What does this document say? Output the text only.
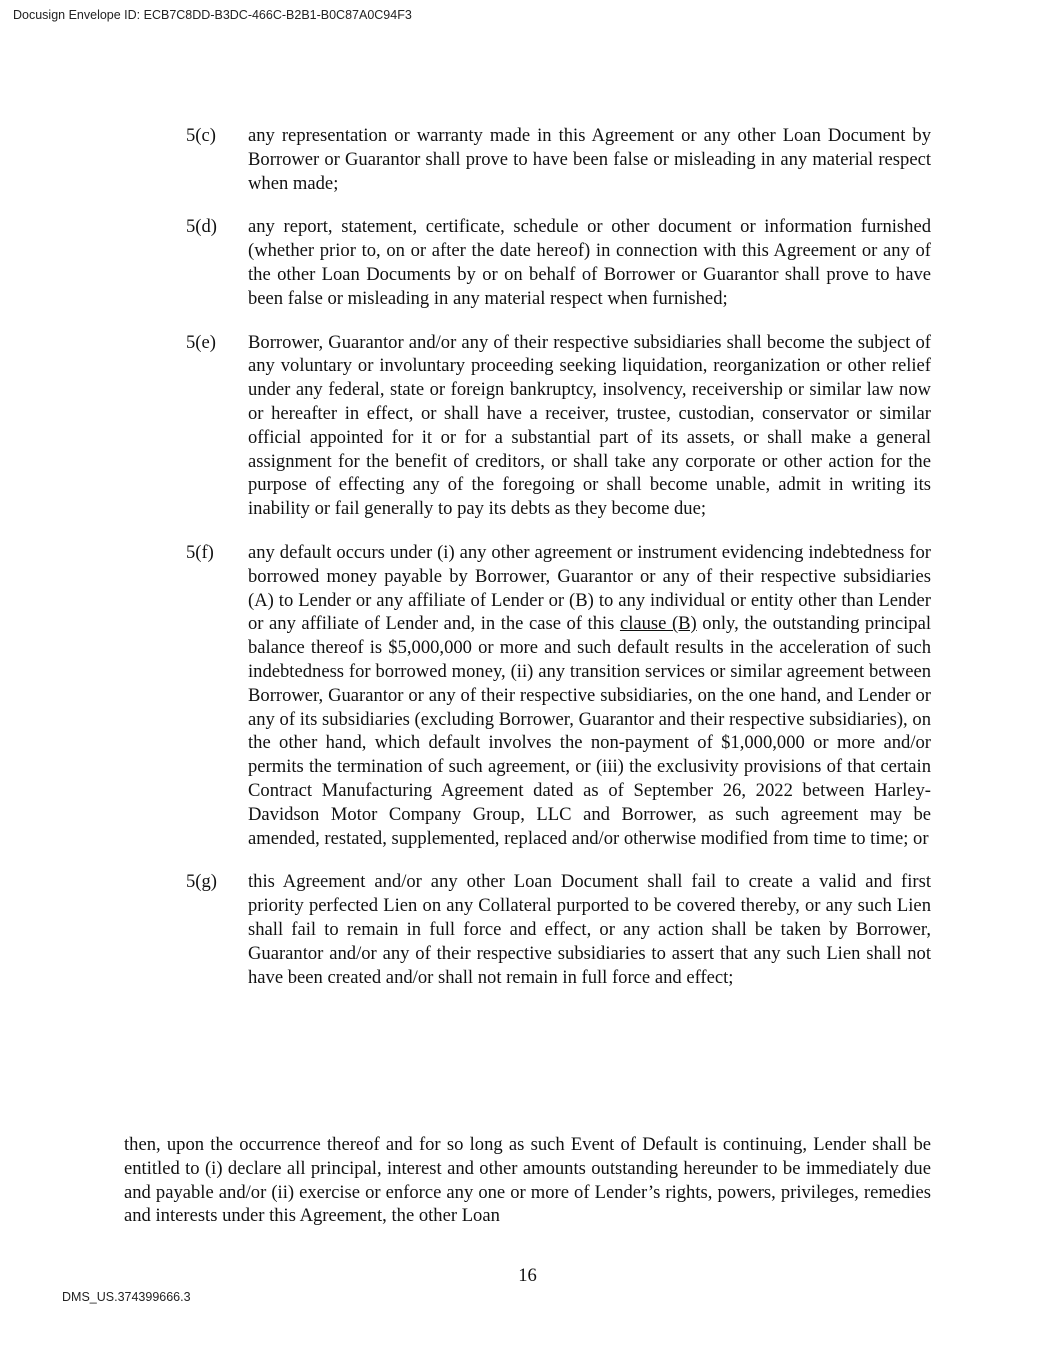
Docusign Envelope ID: ECB7C8DD-B3DC-466C-B2B1-B0C87A0C94F3
5(c)	any representation or warranty made in this Agreement or any other Loan Document by Borrower or Guarantor shall prove to have been false or misleading in any material respect when made;
5(d)	any report, statement, certificate, schedule or other document or information furnished (whether prior to, on or after the date hereof) in connection with this Agreement or any of the other Loan Documents by or on behalf of Borrower or Guarantor shall prove to have been false or misleading in any material respect when furnished;
5(e)	Borrower, Guarantor and/or any of their respective subsidiaries shall become the subject of any voluntary or involuntary proceeding seeking liquidation, reorganization or other relief under any federal, state or foreign bankruptcy, insolvency, receivership or similar law now or hereafter in effect, or shall have a receiver, trustee, custodian, conservator or similar official appointed for it or for a substantial part of its assets, or shall make a general assignment for the benefit of creditors, or shall take any corporate or other action for the purpose of effecting any of the foregoing or shall become unable, admit in writing its inability or fail generally to pay its debts as they become due;
5(f)	any default occurs under (i) any other agreement or instrument evidencing indebtedness for borrowed money payable by Borrower, Guarantor or any of their respective subsidiaries (A) to Lender or any affiliate of Lender or (B) to any individual or entity other than Lender or any affiliate of Lender and, in the case of this clause (B) only, the outstanding principal balance thereof is $5,000,000 or more and such default results in the acceleration of such indebtedness for borrowed money, (ii) any transition services or similar agreement between Borrower, Guarantor or any of their respective subsidiaries, on the one hand, and Lender or any of its subsidiaries (excluding Borrower, Guarantor and their respective subsidiaries), on the other hand, which default involves the non-payment of $1,000,000 or more and/or permits the termination of such agreement, or (iii) the exclusivity provisions of that certain Contract Manufacturing Agreement dated as of September 26, 2022 between Harley-Davidson Motor Company Group, LLC and Borrower, as such agreement may be amended, restated, supplemented, replaced and/or otherwise modified from time to time; or
5(g)	this Agreement and/or any other Loan Document shall fail to create a valid and first priority perfected Lien on any Collateral purported to be covered thereby, or any such Lien shall fail to remain in full force and effect, or any action shall be taken by Borrower, Guarantor and/or any of their respective subsidiaries to assert that any such Lien shall not have been created and/or shall not remain in full force and effect;
then, upon the occurrence thereof and for so long as such Event of Default is continuing, Lender shall be entitled to (i) declare all principal, interest and other amounts outstanding hereunder to be immediately due and payable and/or (ii) exercise or enforce any one or more of Lender’s rights, powers, privileges, remedies and interests under this Agreement, the other Loan
16
DMS_US.374399666.3
